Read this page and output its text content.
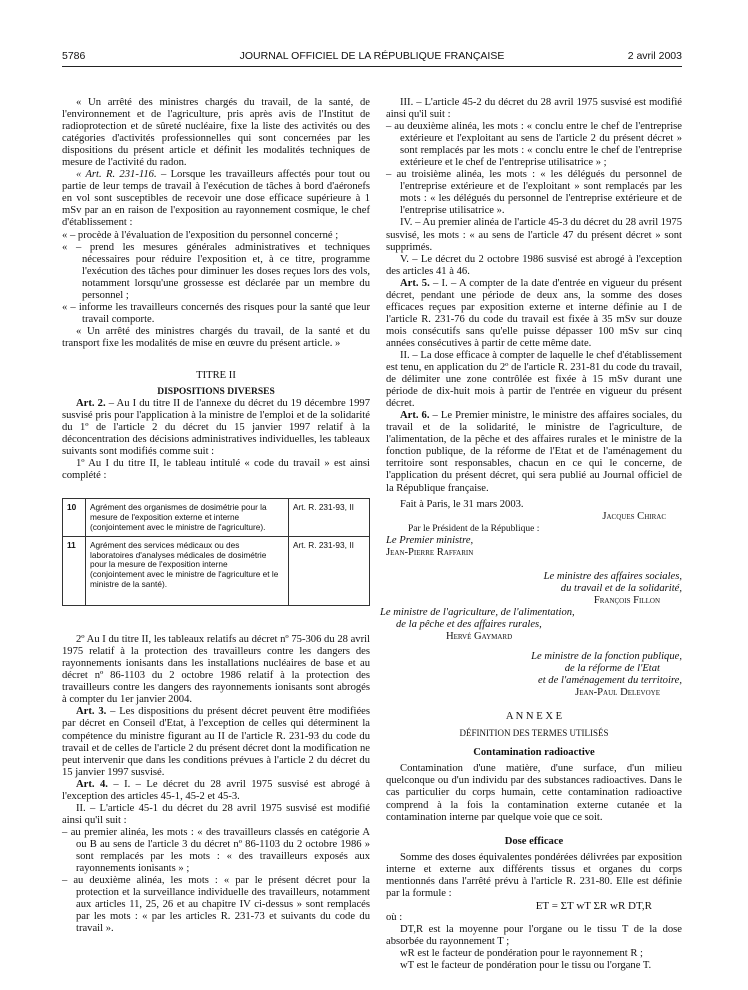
5786	JOURNAL OFFICIEL DE LA RÉPUBLIQUE FRANÇAISE	2 avril 2003

« Un arrêté des ministres chargés du travail, de la santé, de l'environnement et de l'agriculture, pris après avis de l'Institut de radioprotection et de sûreté nucléaire, fixe la liste des activités ou des catégories d'activités professionnelles qui sont concernées par les dispositions du présent article et définit les modalités techniques de mesure de l'activité du radon.

« Art. R. 231-116. – Lorsque les travailleurs affectés pour tout ou partie de leur temps de travail à l'exécution de tâches à bord d'aéronefs en vol sont susceptibles de recevoir une dose efficace supérieure à 1 mSv par an en raison de l'exposition au rayonnement cosmique, le chef d'établissement :

« – procède à l'évaluation de l'exposition du personnel concerné ;

« – prend les mesures générales administratives et techniques nécessaires pour réduire l'exposition et, à ce titre, programme l'exécution des tâches pour diminuer les doses reçues lors des vols, notamment lorsqu'une grossesse est déclarée par un membre du personnel ;

« – informe les travailleurs concernés des risques pour la santé que leur travail comporte.

« Un arrêté des ministres chargés du travail, de la santé et du transport fixe les modalités de mise en œuvre du présent article. »

TITRE II

DISPOSITIONS DIVERSES

Art. 2. – Au I du titre II de l'annexe du décret du 19 décembre 1997 susvisé pris pour l'application à la ministre de l'emploi et de la solidarité du 1º de l'article 2 du décret du 15 janvier 1997 relatif à la déconcentration des décisions administratives individuelles, les tableaux suivants sont modifiés comme suit :

1º Au I du titre II, le tableau intitulé « code du travail » est ainsi complété :

10	Agrément des organismes de dosimétrie pour la mesure de l'exposition externe et interne (conjointement avec le ministre de l'agriculture).	Art. R. 231-93, II
11	Agrément des services médicaux ou des laboratoires d'analyses médicales de dosimétrie pour la mesure de l'exposition interne (conjointement avec le ministre de l'agriculture et le ministre de la santé).	Art. R. 231-93, II

2º Au I du titre II, les tableaux relatifs au décret nº 75-306 du 28 avril 1975 relatif à la protection des travailleurs contre les dangers des rayonnements ionisants dans les installations nucléaires de base et au décret nº 86-1103 du 2 octobre 1986 relatif à la protection des travailleurs contre les dangers des rayonnements ionisants sont abrogés à compter du 1er janvier 2004.

Art. 3. – Les dispositions du présent décret peuvent être modifiées par décret en Conseil d'Etat, à l'exception de celles qui déterminent la compétence du ministre figurant au II de l'article R. 231-93 du code du travail et de celles de l'article 2 du présent décret dont la modification ne peut intervenir que dans les conditions prévues à l'article 2 du décret du 15 janvier 1997 susvisé.

Art. 4. – I. – Le décret du 28 avril 1975 susvisé est abrogé à l'exception des articles 45-1, 45-2 et 45-3.

II. – L'article 45-1 du décret du 28 avril 1975 susvisé est modifié ainsi qu'il suit :

– au premier alinéa, les mots : « des travailleurs classés en catégorie A ou B au sens de l'article 3 du décret nº 86-1103 du 2 octobre 1986 » sont remplacés par les mots : « des travailleurs exposés aux rayonnements ionisants » ;

– au deuxième alinéa, les mots : « par le présent décret pour la protection et la surveillance individuelle des travailleurs, notamment aux articles 11, 25, 26 et au chapitre IV ci-dessus » sont remplacés par les mots : « par les articles R. 231-73 et suivants du code du travail ».

III. – L'article 45-2 du décret du 28 avril 1975 susvisé est modifié ainsi qu'il suit :

– au deuxième alinéa, les mots : « conclu entre le chef de l'entreprise extérieure et l'exploitant au sens de l'article 2 du présent décret » sont remplacés par les mots : « conclu entre le chef de l'entreprise extérieure et le chef de l'entreprise utilisatrice » ;

– au troisième alinéa, les mots : « les délégués du personnel de l'entreprise extérieure et de l'exploitant » sont remplacés par les mots : « les délégués du personnel de l'entreprise extérieure et de l'entreprise utilisatrice ».

IV. – Au premier alinéa de l'article 45-3 du décret du 28 avril 1975 susvisé, les mots : « au sens de l'article 47 du présent décret » sont supprimés.

V. – Le décret du 2 octobre 1986 susvisé est abrogé à l'exception des articles 41 à 46.

Art. 5. – I. – A compter de la date d'entrée en vigueur du présent décret, pendant une période de deux ans, la somme des doses efficaces reçues par exposition externe et interne définie au I de l'article R. 231-76 du code du travail est fixée à 35 mSv sur douze mois consécutifs sans qu'elle puisse dépasser 100 mSv sur cinq années consécutives à partir de cette même date.

II. – La dose efficace à compter de laquelle le chef d'établissement est tenu, en application du 2º de l'article R. 231-81 du code du travail, de délimiter une zone contrôlée est fixée à 15 mSv durant une période de dix-huit mois à partir de l'entrée en vigueur du présent décret.

Art. 6. – Le Premier ministre, le ministre des affaires sociales, du travail et de la solidarité, le ministre de l'agriculture, de l'alimentation, de la pêche et des affaires rurales et le ministre de la fonction publique, de la réforme de l'Etat et de l'aménagement du territoire sont responsables, chacun en ce qui le concerne, de l'application du présent décret, qui sera publié au Journal officiel de la République française.

Fait à Paris, le 31 mars 2003.

Jacques Chirac

Par le Président de la République :

Le Premier ministre,

Jean-Pierre Raffarin

Le ministre des affaires sociales,

du travail et de la solidarité,

François Fillon

Le ministre de l'agriculture, de l'alimentation,

de la pêche et des affaires rurales,

Hervé Gaymard

Le ministre de la fonction publique,

de la réforme de l'Etat

et de l'aménagement du territoire,

Jean-Paul Delevoye

A N N E X E

DÉFINITION DES TERMES UTILISÉS

Contamination radioactive

Contamination d'une matière, d'une surface, d'un milieu quelconque ou d'un individu par des substances radioactives. Dans le cas particulier du corps humain, cette contamination radioactive comprend à la fois la contamination externe cutanée et la contamination interne par quelque voie que ce soit.

Dose efficace

Somme des doses équivalentes pondérées délivrées par exposition interne et externe aux différents tissus et organes du corps mentionnés dans l'arrêté prévu à l'article R. 231-80. Elle est définie par la formule :

ET = ΣT wT ΣR wR DT,R

où :

DT,R est la moyenne pour l'organe ou le tissu T de la dose absorbée du rayonnement T ;

wR est le facteur de pondération pour le rayonnement R ;

wT est le facteur de pondération pour le tissu ou l'organe T.
